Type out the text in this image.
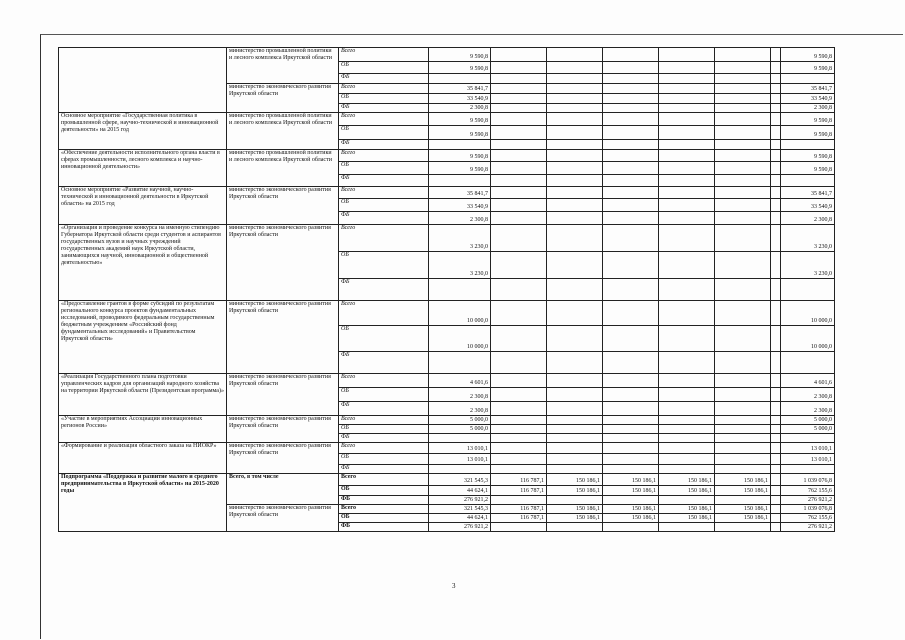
	министерство промышленной политики и лесного комплекса Иркутской области	Всего	9 590,8							9 590,8
		ОБ	9 590,8							9 590,8
		ФБ								
	министерство экономического развития Иркутской области	Всего	35 841,7							35 841,7
		ОБ	33 540,9							33 540,9
		ФБ	2 300,8							2 300,8
Основное мероприятие «Государственная политика в промышленной сфере, научно-технической и инновационной деятельности» на 2015 год	министерство промышленной политики и лесного комплекса Иркутской области	Всего	9 590,8							9 590,8
		ОБ	9 590,8							9 590,8
		ФБ								
«Обеспечение деятельности исполнительного органа власти в сферах промышленности, лесного комплекса и научно-инновационной деятельности»	министерство промышленной политики и лесного комплекса Иркутской области	Всего	9 590,8							9 590,8
		ОБ	9 590,8							9 590,8
		ФБ								
Основное мероприятие «Развитие научной, научно-технической и инновационной деятельности в Иркутской области» на 2015 год	министерство экономического развития Иркутской области	Всего	35 841,7							35 841,7
		ОБ	33 540,9							33 540,9
		ФБ	2 300,8							2 300,8
«Организация и проведение конкурса на именную стипендию Губернатора Иркутской области среди студентов и аспирантов государственных вузов и научных учреждений государственных академий наук Иркутской области, занимающихся научной, инновационной и общественной деятельностью»	министерство экономического развития Иркутской области	Всего	3 230,0							3 230,0
		ОБ	3 230,0							3 230,0
		ФБ								
«Предоставление грантов в форме субсидий по результатам регионального конкурса проектов фундаментальных исследований, проводимого федеральным государственным бюджетным учреждением «Российский фонд фундаментальных исследований» и Правительством Иркутской области»	министерство экономического развития Иркутской области	Всего	10 000,0							10 000,0
		ОБ	10 000,0							10 000,0
		ФБ								
«Реализация Государственного плана подготовки управленческих кадров для организаций народного хозяйства на территории Иркутской области (Президентская программа)»	министерство экономического развития Иркутской области	Всего	4 601,6							4 601,6
		ОБ	2 300,8							2 300,8
		ФБ	2 300,8							2 300,8
«Участие в мероприятиях Ассоциации инновационных регионов России»	министерство экономического развития Иркутской области	Всего	5 000,0							5 000,0
		ОБ	5 000,0							5 000,0
		ФБ								
«Формирование и реализация областного заказа на НИОКР»	министерство экономического развития Иркутской области	Всего	13 010,1							13 010,1
		ОБ	13 010,1							13 010,1
		ФБ								
Подпрограмма «Поддержка и развитие малого и среднего предпринимательства в Иркутской области» на 2015-2020 годы	Всего, в том числе	Всего	321 545,3	116 787,1	150 186,1	150 186,1	150 186,1	150 186,1		1 039 076,8
		ОБ	44 624,1	116 787,1	150 186,1	150 186,1	150 186,1	150 186,1		762 155,6
		ФБ	276 921,2							276 921,2
	министерство экономического развития Иркутской области	Всего	321 545,3	116 787,1	150 186,1	150 186,1	150 186,1	150 186,1		1 039 076,8
		ОБ	44 624,1	116 787,1	150 186,1	150 186,1	150 186,1	150 186,1		762 155,6
		ФБ	276 921,2							276 921,2
3
